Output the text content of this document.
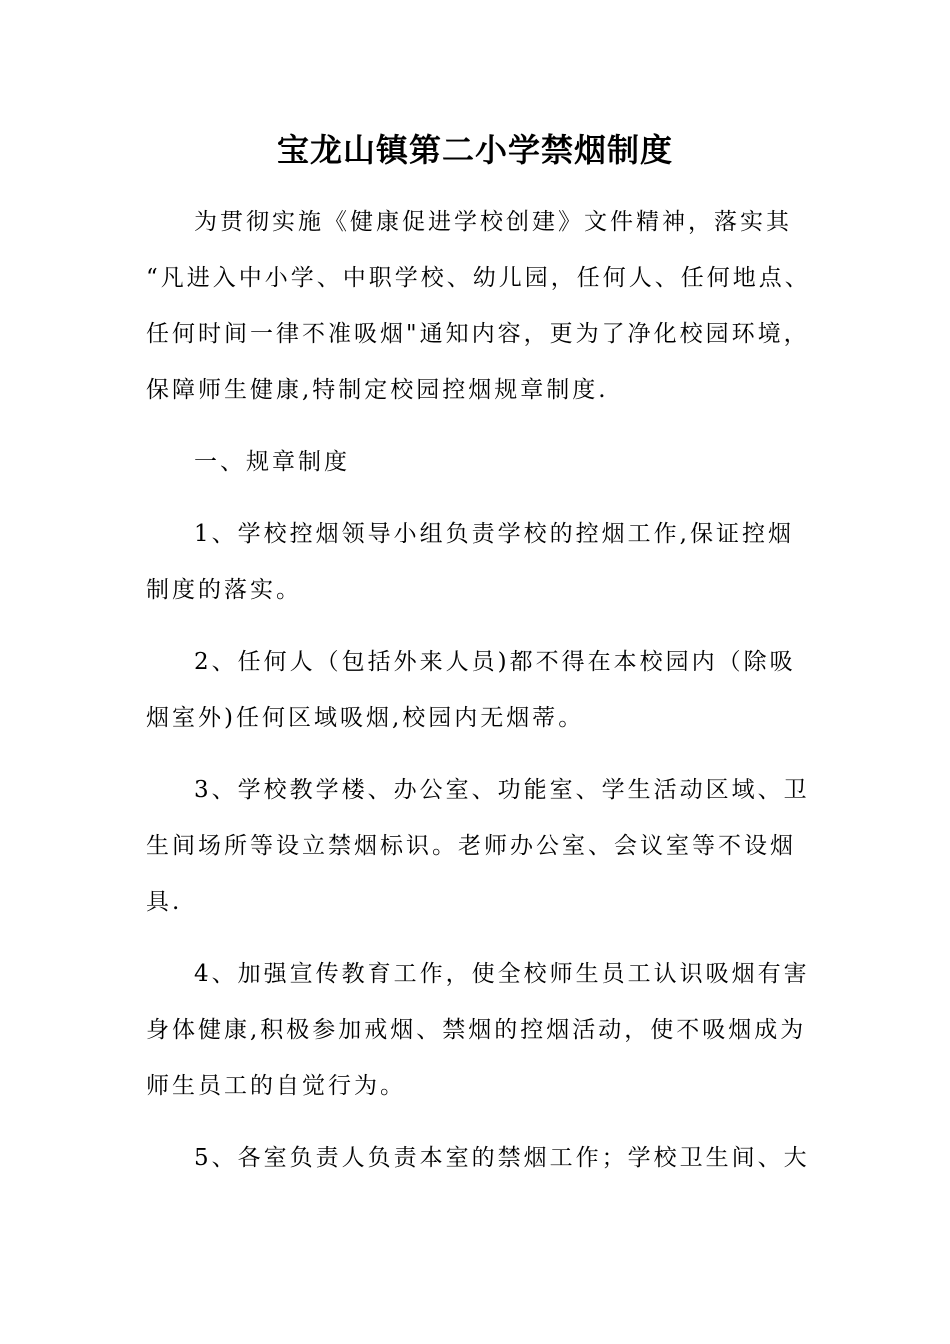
宝龙山镇第二小学禁烟制度
为贯彻实施《健康促进学校创建》文件精神，落实其
“凡进入中小学、中职学校、幼儿园，任何人、任何地点、
任何时间一律不准吸烟"通知内容，更为了净化校园环境，
保障师生健康,特制定校园控烟规章制度.
一、规章制度
1、学校控烟领导小组负责学校的控烟工作,保证控烟
制度的落实。
2、任何人（包括外来人员)都不得在本校园内（除吸
烟室外)任何区域吸烟,校园内无烟蒂。
3、学校教学楼、办公室、功能室、学生活动区域、卫
生间场所等设立禁烟标识。老师办公室、会议室等不设烟
具.
4、加强宣传教育工作，使全校师生员工认识吸烟有害
身体健康,积极参加戒烟、禁烟的控烟活动，使不吸烟成为
师生员工的自觉行为。
5、各室负责人负责本室的禁烟工作；学校卫生间、大
